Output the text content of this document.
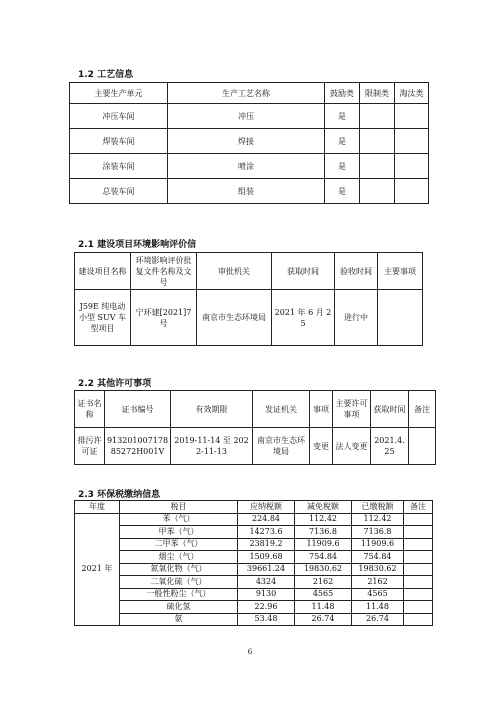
1.2 工艺信息
主要生产单元	生产工艺名称	鼓励类	限制类	淘汰类
冲压车间	冲压	是		
焊装车间	焊接	是		
涂装车间	喷涂	是		
总装车间	组装	是		
2.1 建设项目环境影响评价信
建设项目名称	环境影响评价批复文件名称及文号	审批机关	获取时间	验收时间	主要事项
J59E 纯电动小型 SUV 车型项目	宁环建[2021]7号	南京市生态环境局	2021 年 6 月 25	进行中	
2.2 其他许可事项
证书名称	证书编号	有效期限	发证机关	事项	主要许可事项	获取时间	备注
排污许可证	91320100717885272H001V	2019-11-14 至 2022-11-13	南京市生态环境局	变更	法人变更	2021.4.25	
2.3 环保税缴纳信息
年度	税目	应纳税额	减免税额	已缴税额	备注
2021 年	苯（气）	224.84	112.42	112.42	
	甲苯（气）	14273.6	7136.8	7136.8	
	二甲苯（气）	23819.2	11909.6	11909.6	
	烟尘（气）	1509.68	754.84	754.84	
	氮氧化物（气）	39661.24	19830.62	19830.62	
	二氧化硫（气）	4324	2162	2162	
	一般性粉尘（气）	9130	4565	4565	
	硫化氢	22.96	11.48	11.48	
	氨	53.48	26.74	26.74	
6
